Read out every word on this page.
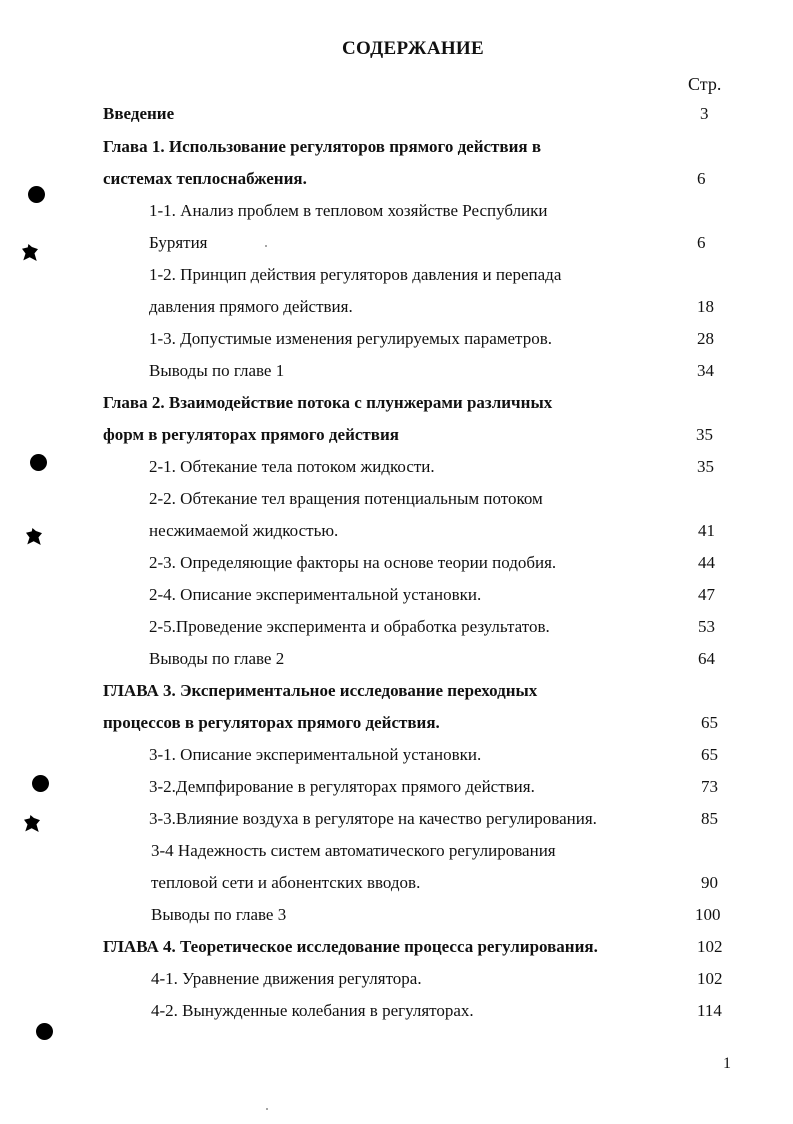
СОДЕРЖАНИЕ
Стр.
Введение	3
Глава 1. Использование регуляторов прямого действия в
системах теплоснабжения.	6
1-1. Анализ проблем в тепловом хозяйстве Республики
Бурятия	6
1-2. Принцип действия регуляторов давления и перепада
давления прямого действия.	18
1-3. Допустимые изменения регулируемых параметров.	28
Выводы по главе 1	34
Глава 2. Взаимодействие потока с плунжерами различных
форм в регуляторах прямого действия	35
2-1. Обтекание тела потоком жидкости.	35
2-2. Обтекание тел вращения потенциальным потоком
несжимаемой жидкостью.	41
2-3. Определяющие факторы на основе теории подобия.	44
2-4. Описание экспериментальной установки.	47
2-5.Проведение эксперимента и обработка результатов.	53
Выводы по главе 2	64
ГЛАВА 3. Экспериментальное исследование переходных
процессов в регуляторах прямого действия.	65
3-1. Описание экспериментальной установки.	65
3-2.Демпфирование в регуляторах прямого действия.	73
3-3.Влияние воздуха в регуляторе на качество регулирования.	85
3-4 Надежность систем автоматического регулирования
тепловой сети и абонентских вводов.	90
Выводы по главе 3	100
ГЛАВА 4. Теоретическое исследование процесса регулирования.	102
4-1. Уравнение движения регулятора.	102
4-2. Вынужденные колебания в регуляторах.	114
1
